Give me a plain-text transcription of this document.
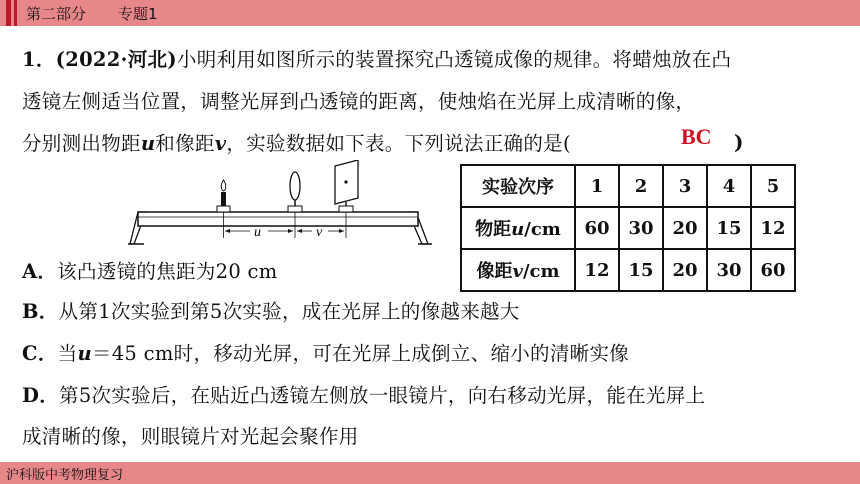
第二部分 专题1
1．(2022·河北)小明利用如图所示的装置探究凸透镜成像的规律。将蜡烛放在凸
透镜左侧适当位置，调整光屏到凸透镜的距离，使烛焰在光屏上成清晰的像，
分别测出物距u和像距v，实验数据如下表。下列说法正确的是(	BC )
u	v
实验次序	1	2	3	4	5
物距u/cm	60	30	20	15	12
像距v/cm	12	15	20	30	60
A．该凸透镜的焦距为20 cm
B．从第1次实验到第5次实验，成在光屏上的像越来越大
C．当u＝45 cm时，移动光屏，可在光屏上成倒立、缩小的清晰实像
D．第5次实验后，在贴近凸透镜左侧放一眼镜片，向右移动光屏，能在光屏上
成清晰的像，则眼镜片对光起会聚作用
沪科版中考物理复习
